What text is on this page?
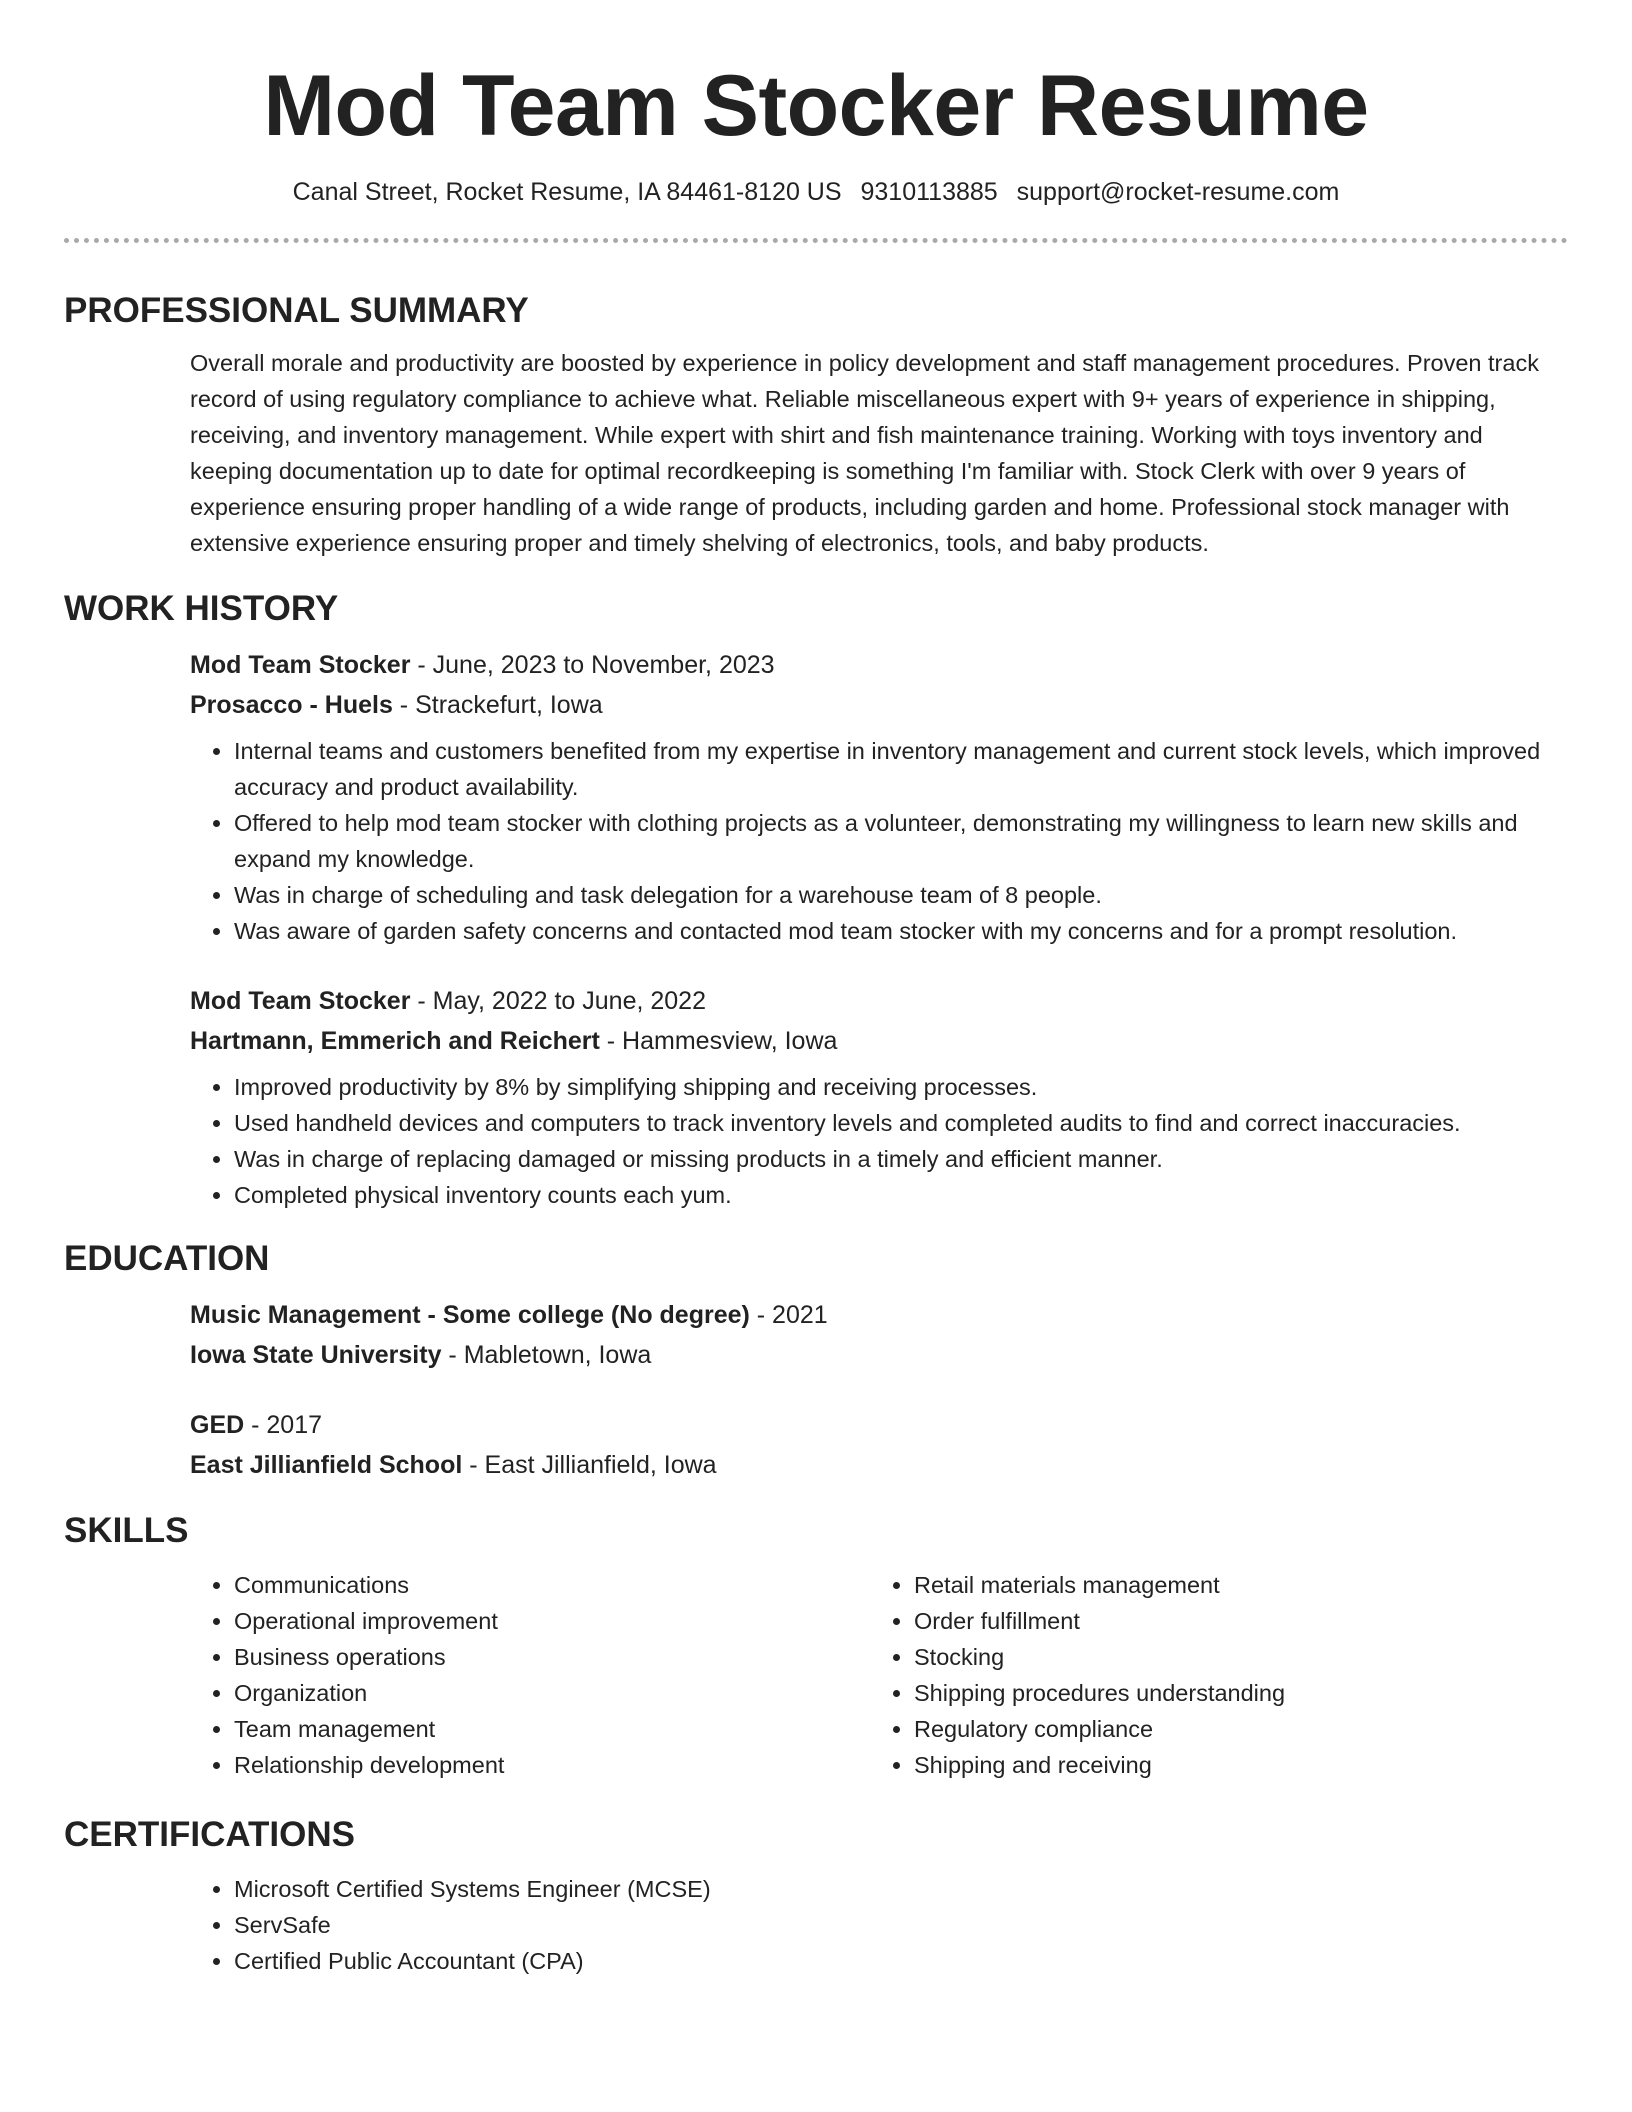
Mod Team Stocker Resume
Canal Street, Rocket Resume, IA 84461-8120 US 9310113885 support@rocket-resume.com
PROFESSIONAL SUMMARY

Overall morale and productivity are boosted by experience in policy development and staff management procedures. Proven track record of using regulatory compliance to achieve what. Reliable miscellaneous expert with 9+ years of experience in shipping, receiving, and inventory management. While expert with shirt and fish maintenance training. Working with toys inventory and keeping documentation up to date for optimal recordkeeping is something I'm familiar with. Stock Clerk with over 9 years of experience ensuring proper handling of a wide range of products, including garden and home. Professional stock manager with extensive experience ensuring proper and timely shelving of electronics, tools, and baby products.

WORK HISTORY
Mod Team Stocker - June, 2023 to November, 2023
Prosacco - Huels - Strackefurt, Iowa
• Internal teams and customers benefited from my expertise in inventory management and current stock levels, which improved accuracy and product availability.
• Offered to help mod team stocker with clothing projects as a volunteer, demonstrating my willingness to learn new skills and expand my knowledge.
• Was in charge of scheduling and task delegation for a warehouse team of 8 people.
• Was aware of garden safety concerns and contacted mod team stocker with my concerns and for a prompt resolution.
Mod Team Stocker - May, 2022 to June, 2022
Hartmann, Emmerich and Reichert - Hammesview, Iowa
• Improved productivity by 8% by simplifying shipping and receiving processes.
• Used handheld devices and computers to track inventory levels and completed audits to find and correct inaccuracies.
• Was in charge of replacing damaged or missing products in a timely and efficient manner.
• Completed physical inventory counts each yum.
EDUCATION
Music Management - Some college (No degree) - 2021
Iowa State University - Mabletown, Iowa
GED - 2017
East Jillianfield School - East Jillianfield, Iowa
SKILLS
• Communications
• Operational improvement
• Business operations
• Organization
• Team management
• Relationship development
• Retail materials management
• Order fulfillment
• Stocking
• Shipping procedures understanding
• Regulatory compliance
• Shipping and receiving
CERTIFICATIONS
• Microsoft Certified Systems Engineer (MCSE)
• ServSafe
• Certified Public Accountant (CPA)
